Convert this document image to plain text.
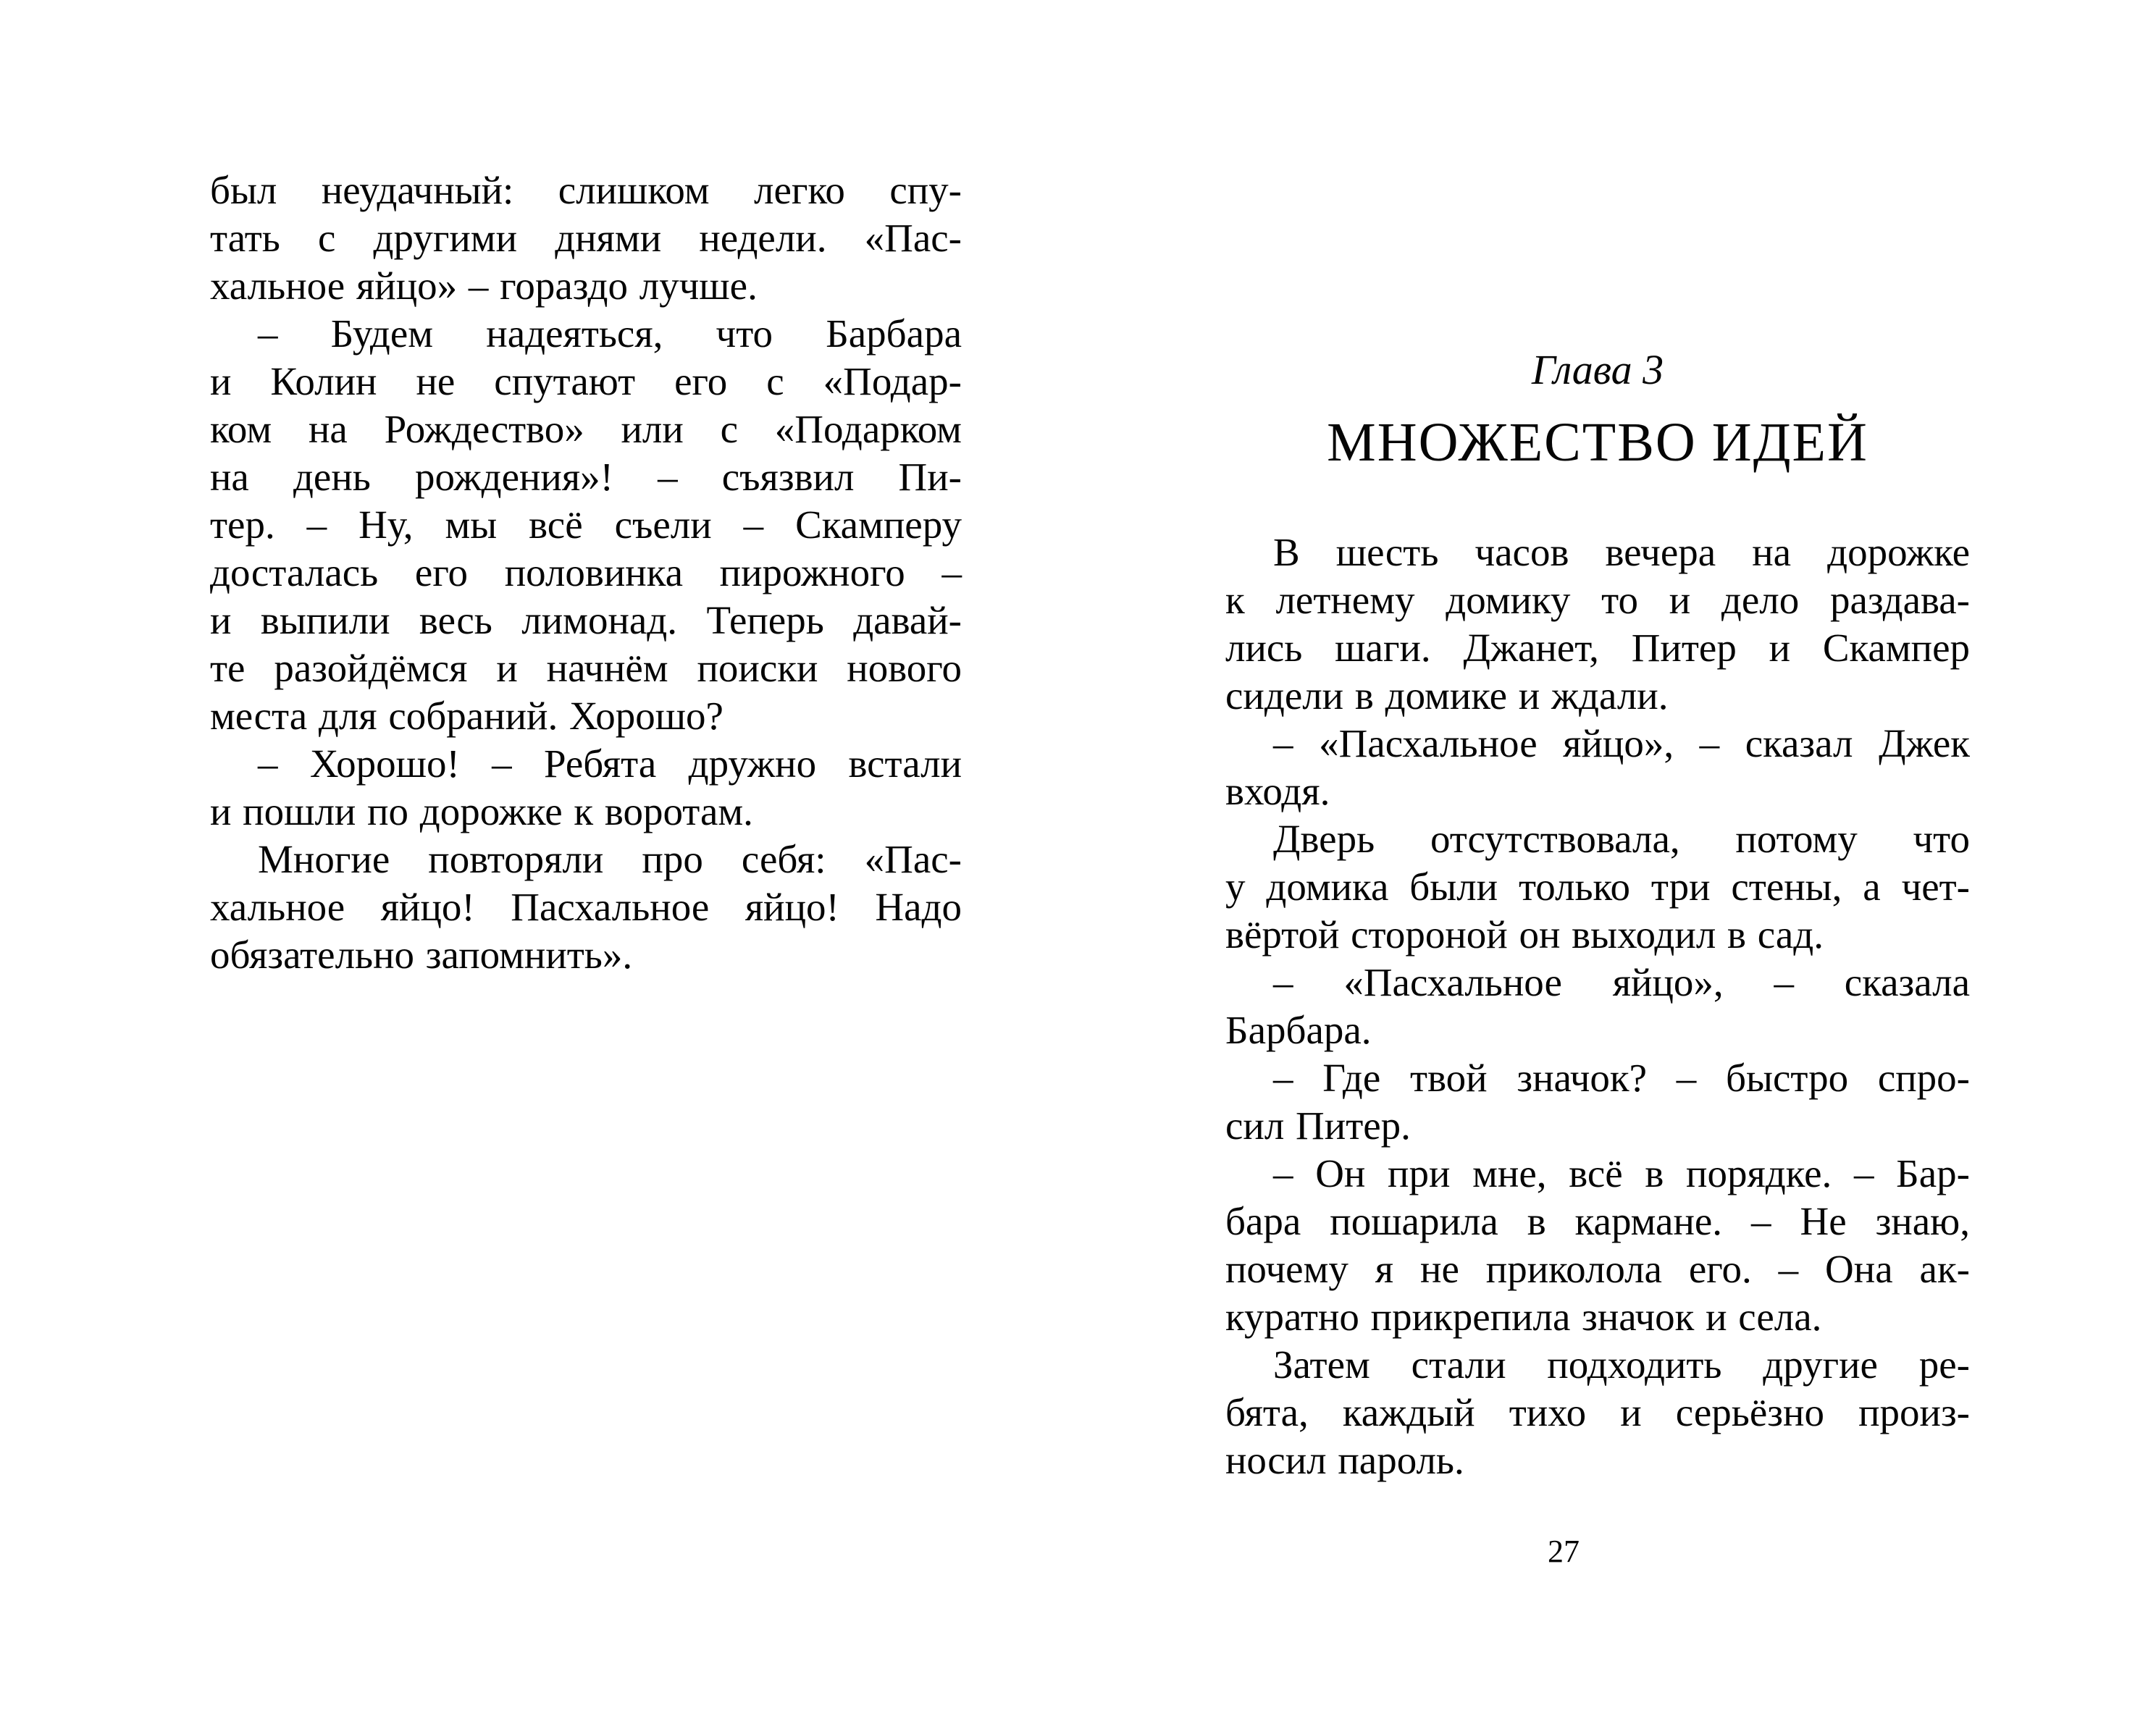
был неудачный: слишком легко спу-
тать с другими днями недели. «Пас-
хальное яйцо» – гораздо лучше.

– Будем надеяться, что Барбара
и Колин не спутают его с «Подар-
ком на Рождество» или с «Подарком
на день рождения»! – съязвил Пи-
тер. – Ну, мы всё съели – Скамперу
досталась его половинка пирожного –
и выпили весь лимонад. Теперь давай-
те разойдёмся и начнём поиски нового
места для собраний. Хорошо?

– Хорошо! – Ребята дружно встали
и пошли по дорожке к воротам.

Многие повторяли про себя: «Пас-
хальное яйцо! Пасхальное яйцо! Надо
обязательно запомнить».

Глава 3
МНОЖЕСТВО ИДЕЙ

В шесть часов вечера на дорожке
к летнему домику то и дело раздава-
лись шаги. Джанет, Питер и Скампер
сидели в домике и ждали.

– «Пасхальное яйцо», – сказал Джек
входя.

Дверь отсутствовала, потому что
у домика были только три стены, а чет-
вёртой стороной он выходил в сад.

– «Пасхальное яйцо», – сказала
Барбара.

– Где твой значок? – быстро спро-
сил Питер.

– Он при мне, всё в порядке. – Бар-
бара пошарила в кармане. – Не знаю,
почему я не приколола его. – Она ак-
куратно прикрепила значок и села.

Затем стали подходить другие ре-
бята, каждый тихо и серьёзно произ-
носил пароль.

27
